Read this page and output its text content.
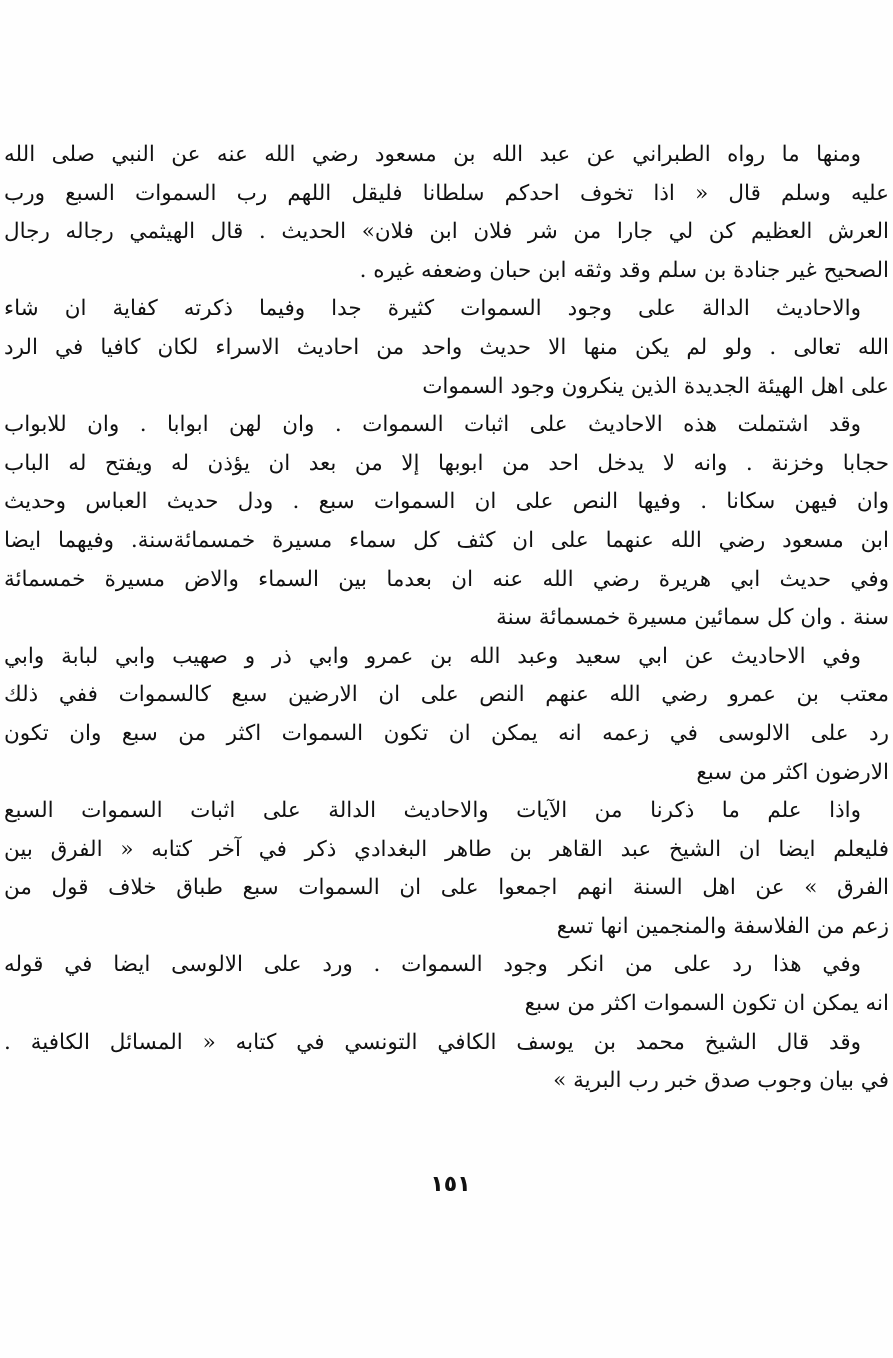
ومنها ما رواه الطبراني عن عبد الله بن مسعود رضي الله عنه عن النبي صلى الله
عليه وسلم قال « اذا تخوف احدكم سلطانا فليقل اللهم رب السموات السبع ورب
العرش العظيم كن لي جارا من شر فلان ابن فلان» الحديث . قال الهيثمي رجاله رجال
الصحيح غير جنادة بن سلم وقد وثقه ابن حبان وضعفه غيره .
والاحاديث الدالة على وجود السموات كثيرة جدا وفيما ذكرته كفاية ان شاء
الله تعالى . ولو لم يكن منها الا حديث واحد من احاديث الاسراء لكان كافيا في الرد
على اهل الهيئة الجديدة الذين ينكرون وجود السموات
وقد اشتملت هذه الاحاديث على اثبات السموات . وان لهن ابوابا . وان للابواب
حجابا وخزنة . وانه لا يدخل احد من ابوبها إلا من بعد ان يؤذن له ويفتح له الباب
وان فيهن سكانا . وفيها النص على ان السموات سبع . ودل حديث العباس وحديث
ابن مسعود رضي الله عنهما على ان كثف كل سماء مسيرة خمسمائةسنة. وفيهما ايضا
وفي حديث ابي هريرة رضي الله عنه ان بعدما بين السماء والاض مسيرة خمسمائة
سنة . وان كل سمائين مسيرة خمسمائة سنة
وفي الاحاديث عن ابي سعيد وعبد الله بن عمرو وابي ذر و صهيب وابي لبابة وابي
معتب بن عمرو رضي الله عنهم النص على ان الارضين سبع كالسموات ففي ذلك
رد على الالوسى في زعمه انه يمكن ان تكون السموات اكثر من سبع وان تكون
الارضون اكثر من سبع
واذا علم ما ذكرنا من الآيات والاحاديث الدالة على اثبات السموات السبع
فليعلم ايضا ان الشيخ عبد القاهر بن طاهر البغدادي ذكر في آخر كتابه « الفرق بين
الفرق » عن اهل السنة انهم اجمعوا على ان السموات سبع طباق خلاف قول من
زعم من الفلاسفة والمنجمين انها تسع
وفي هذا رد على من انكر وجود السموات . ورد على الالوسى ايضا في قوله
انه يمكن ان تكون السموات اكثر من سبع
وقد قال الشيخ محمد بن يوسف الكافي التونسي في كتابه « المسائل الكافية .
في بيان وجوب صدق خبر رب البرية »
١٥١
